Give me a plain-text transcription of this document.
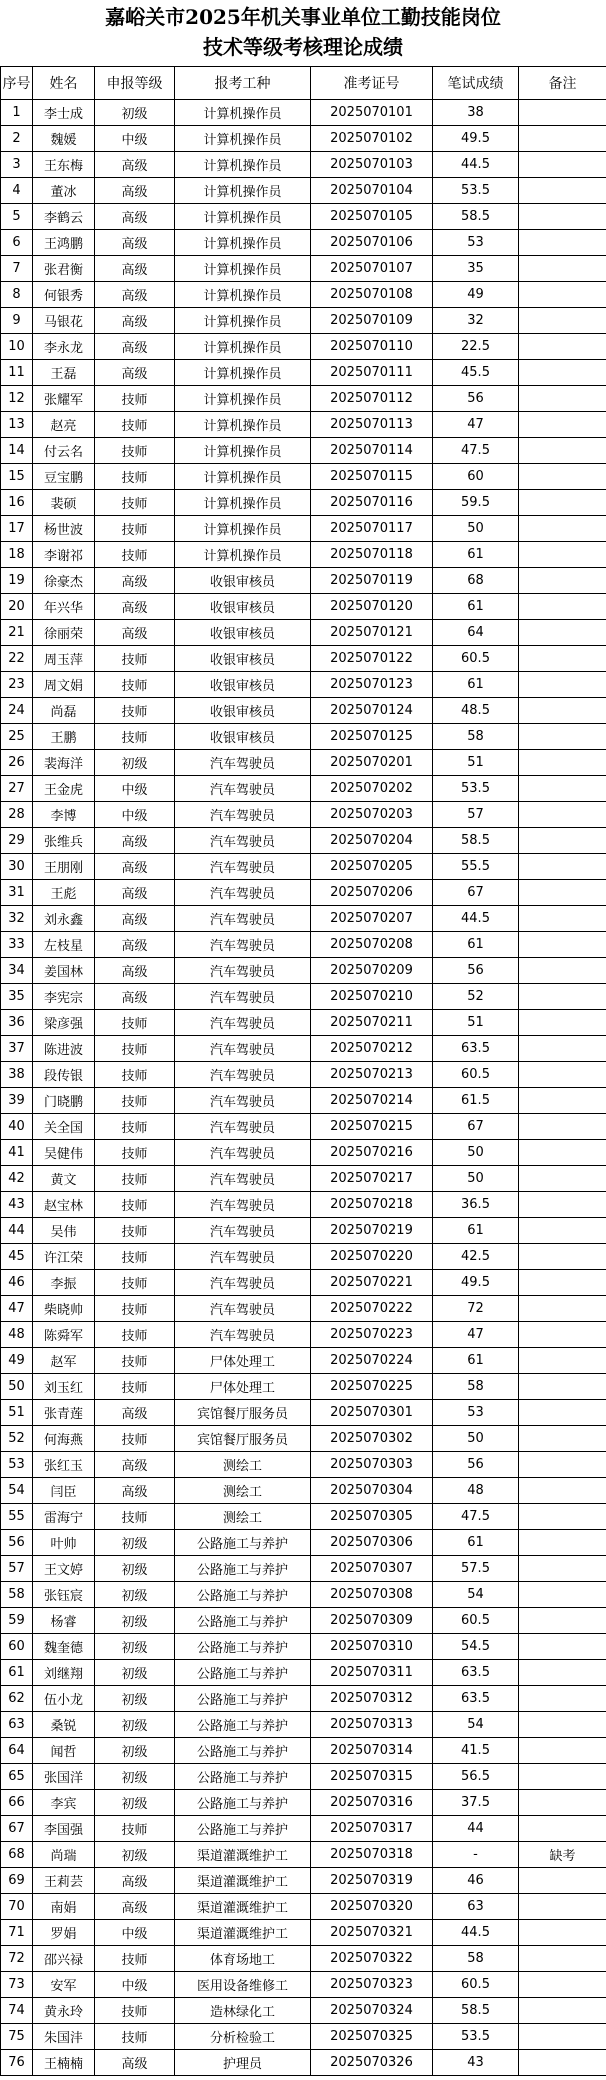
嘉峪关市2025年机关事业单位工勤技能岗位
技术等级考核理论成绩
序号	姓名	申报等级	报考工种	准考证号	笔试成绩	备注
1	李士成	初级	计算机操作员	2025070101	38	
2	魏媛	中级	计算机操作员	2025070102	49.5	
3	王东梅	高级	计算机操作员	2025070103	44.5	
4	董冰	高级	计算机操作员	2025070104	53.5	
5	李鹤云	高级	计算机操作员	2025070105	58.5	
6	王鸿鹏	高级	计算机操作员	2025070106	53	
7	张君衡	高级	计算机操作员	2025070107	35	
8	何银秀	高级	计算机操作员	2025070108	49	
9	马银花	高级	计算机操作员	2025070109	32	
10	李永龙	高级	计算机操作员	2025070110	22.5	
11	王磊	高级	计算机操作员	2025070111	45.5	
12	张耀军	技师	计算机操作员	2025070112	56	
13	赵亮	技师	计算机操作员	2025070113	47	
14	付云名	技师	计算机操作员	2025070114	47.5	
15	豆宝鹏	技师	计算机操作员	2025070115	60	
16	裴硕	技师	计算机操作员	2025070116	59.5	
17	杨世波	技师	计算机操作员	2025070117	50	
18	李谢祁	技师	计算机操作员	2025070118	61	
19	徐豪杰	高级	收银审核员	2025070119	68	
20	年兴华	高级	收银审核员	2025070120	61	
21	徐丽荣	高级	收银审核员	2025070121	64	
22	周玉萍	技师	收银审核员	2025070122	60.5	
23	周文娟	技师	收银审核员	2025070123	61	
24	尚磊	技师	收银审核员	2025070124	48.5	
25	王鹏	技师	收银审核员	2025070125	58	
26	裴海洋	初级	汽车驾驶员	2025070201	51	
27	王金虎	中级	汽车驾驶员	2025070202	53.5	
28	李博	中级	汽车驾驶员	2025070203	57	
29	张维兵	高级	汽车驾驶员	2025070204	58.5	
30	王朋刚	高级	汽车驾驶员	2025070205	55.5	
31	王彪	高级	汽车驾驶员	2025070206	67	
32	刘永鑫	高级	汽车驾驶员	2025070207	44.5	
33	左枝星	高级	汽车驾驶员	2025070208	61	
34	姜国林	高级	汽车驾驶员	2025070209	56	
35	李宪宗	高级	汽车驾驶员	2025070210	52	
36	梁彦强	技师	汽车驾驶员	2025070211	51	
37	陈进波	技师	汽车驾驶员	2025070212	63.5	
38	段传银	技师	汽车驾驶员	2025070213	60.5	
39	门晓鹏	技师	汽车驾驶员	2025070214	61.5	
40	关全国	技师	汽车驾驶员	2025070215	67	
41	吴健伟	技师	汽车驾驶员	2025070216	50	
42	黄文	技师	汽车驾驶员	2025070217	50	
43	赵宝林	技师	汽车驾驶员	2025070218	36.5	
44	吴伟	技师	汽车驾驶员	2025070219	61	
45	许江荣	技师	汽车驾驶员	2025070220	42.5	
46	李振	技师	汽车驾驶员	2025070221	49.5	
47	柴晓帅	技师	汽车驾驶员	2025070222	72	
48	陈舜军	技师	汽车驾驶员	2025070223	47	
49	赵军	技师	尸体处理工	2025070224	61	
50	刘玉红	技师	尸体处理工	2025070225	58	
51	张青莲	高级	宾馆餐厅服务员	2025070301	53	
52	何海燕	技师	宾馆餐厅服务员	2025070302	50	
53	张红玉	高级	测绘工	2025070303	56	
54	闫臣	高级	测绘工	2025070304	48	
55	雷海宁	技师	测绘工	2025070305	47.5	
56	叶帅	初级	公路施工与养护	2025070306	61	
57	王文婷	初级	公路施工与养护	2025070307	57.5	
58	张钰宸	初级	公路施工与养护	2025070308	54	
59	杨睿	初级	公路施工与养护	2025070309	60.5	
60	魏奎德	初级	公路施工与养护	2025070310	54.5	
61	刘继翔	初级	公路施工与养护	2025070311	63.5	
62	伍小龙	初级	公路施工与养护	2025070312	63.5	
63	桑锐	初级	公路施工与养护	2025070313	54	
64	闻哲	初级	公路施工与养护	2025070314	41.5	
65	张国洋	初级	公路施工与养护	2025070315	56.5	
66	李宾	初级	公路施工与养护	2025070316	37.5	
67	李国强	技师	公路施工与养护	2025070317	44	
68	尚瑞	初级	渠道灌溉维护工	2025070318	-	缺考
69	王莉芸	高级	渠道灌溉维护工	2025070319	46	
70	南娟	高级	渠道灌溉维护工	2025070320	63	
71	罗娟	中级	渠道灌溉维护工	2025070321	44.5	
72	邵兴禄	技师	体育场地工	2025070322	58	
73	安军	中级	医用设备维修工	2025070323	60.5	
74	黄永玲	技师	造林绿化工	2025070324	58.5	
75	朱国沣	技师	分析检验工	2025070325	53.5	
76	王楠楠	高级	护理员	2025070326	43	
